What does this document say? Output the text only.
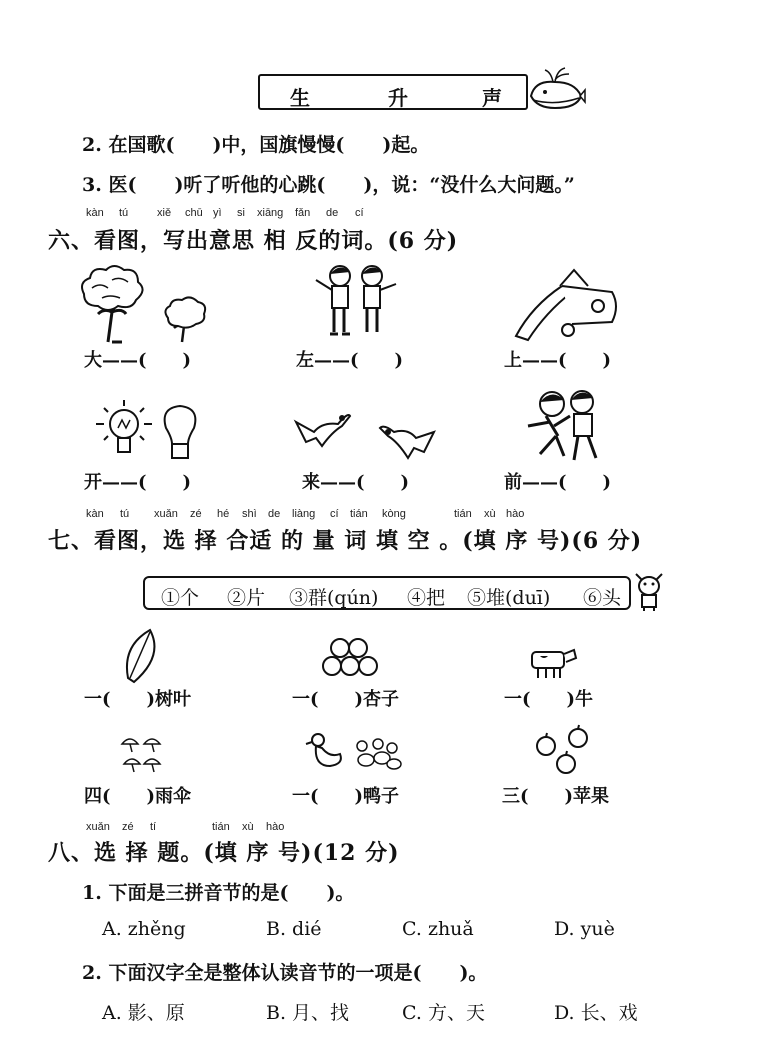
生	升	声
2. 在国歌(　　)中，国旗慢慢(　　)起。
3. 医(　　)听了听他的心跳(　　)，说：“没什么大问题。”
kàn tú	xiě chū yì si xiāng fǎn de cí
六、看图，写出意思 相 反的词。(6 分)
大——(　　)	左——(　　)	上——(　　)
开——(　　)	来——(　　)	前——(　　)
kàn tú xuǎn zé hé shì de liàng cí tián kòng	tián xù hào
七、看图，选 择 合适 的 量 词 填 空 。(填 序 号)(6 分)
①个 ②片 ③群(qún) ④把 ⑤堆(duī) ⑥头
一(　　)树叶	一(　　)杏子	一(　　)牛
四(　　)雨伞	一(　　)鸭子	三(　　)苹果
xuǎn zé tí	tián xù hào
八、选 择 题。(填 序 号)(12 分)
1. 下面是三拼音节的是(　　)。
A. zhěng	B. dié	C. zhuǎ	D. yuè
2. 下面汉字全是整体认读音节的一项是(　　)。
A. 影、原	B. 月、找	C. 方、天	D. 长、戏
